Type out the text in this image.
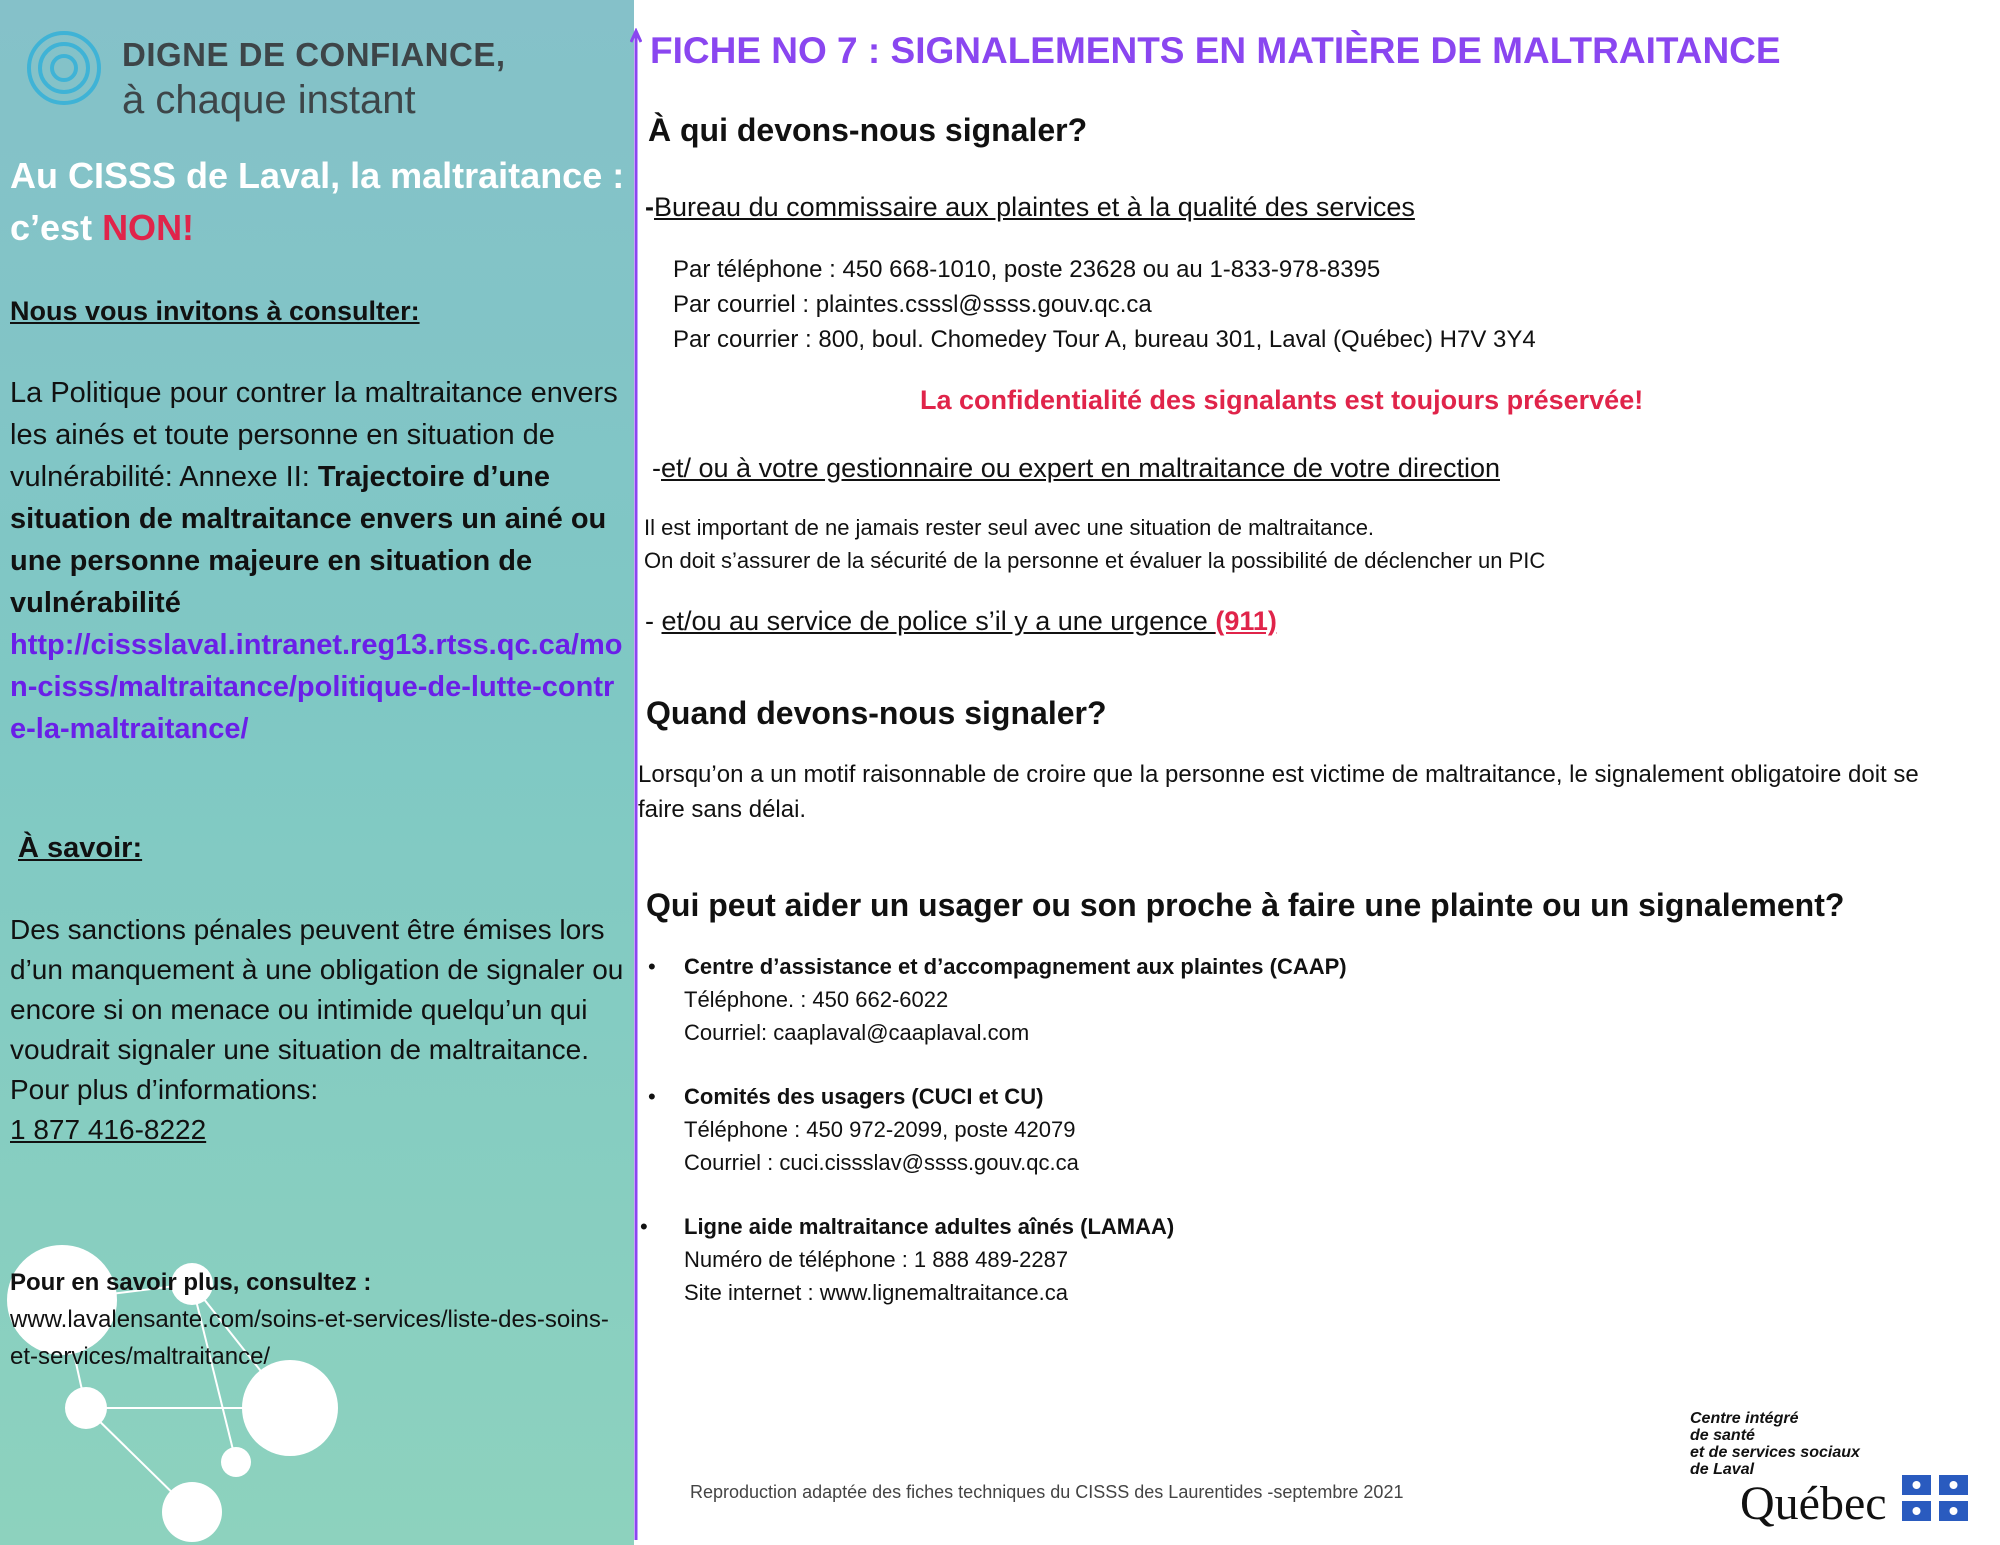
DIGNE DE CONFIANCE,
à chaque instant
Au CISSS de Laval, la maltraitance : c’est NON!
Nous vous invitons à consulter:
La Politique pour contrer la maltraitance envers les ainés et toute personne en situation de vulnérabilité: Annexe II: Trajectoire d’une situation de maltraitance envers un ainé ou une personne majeure en situation de vulnérabilité
http://cissslaval.intranet.reg13.rtss.qc.ca/mon-cisss/maltraitance/politique-de-lutte-contre-la-maltraitance/
À savoir:
Des sanctions pénales peuvent être émises lors d’un manquement à une obligation de signaler ou encore si on menace ou intimide quelqu’un qui voudrait signaler une situation de maltraitance.
Pour plus d’informations:
1 877 416-8222
Pour en savoir plus, consultez :
www.lavalensante.com/soins-et-services/liste-des-soins-et-services/maltraitance/
FICHE NO 7 : SIGNALEMENTS EN MATIÈRE DE MALTRAITANCE
À qui devons-nous signaler?
-Bureau du commissaire aux plaintes et à la qualité des services
Par téléphone : 450 668-1010, poste 23628 ou au 1-833-978-8395
Par courriel : plaintes.csssl@ssss.gouv.qc.ca
Par courrier : 800, boul. Chomedey Tour A, bureau 301, Laval (Québec) H7V 3Y4
La confidentialité des signalants est toujours préservée!
-et/ ou à votre gestionnaire ou expert en maltraitance de votre direction
Il est important de ne jamais rester seul avec une situation de maltraitance.
On doit s’assurer de la sécurité de la personne et évaluer la possibilité de déclencher un PIC
- et/ou au service de police s’il y a une urgence (911)
Quand devons-nous signaler?
Lorsqu’on a un motif raisonnable de croire que la personne est victime de maltraitance, le signalement obligatoire doit se
faire sans délai.
Qui peut aider un usager ou son proche à faire une plainte ou un signalement?
• Centre d’assistance et d’accompagnement aux plaintes (CAAP)
Téléphone. : 450 662-6022
Courriel: caaplaval@caaplaval.com
• Comités des usagers (CUCI et CU)
Téléphone : 450 972-2099, poste 42079
Courriel : cuci.cissslav@ssss.gouv.qc.ca
• Ligne aide maltraitance adultes aînés (LAMAA)
Numéro de téléphone : 1 888 489-2287
Site internet : www.lignemaltraitance.ca
Reproduction adaptée des fiches techniques du CISSS des Laurentides -septembre 2021
Centre intégré
de santé
et de services sociaux
de Laval
Québec
